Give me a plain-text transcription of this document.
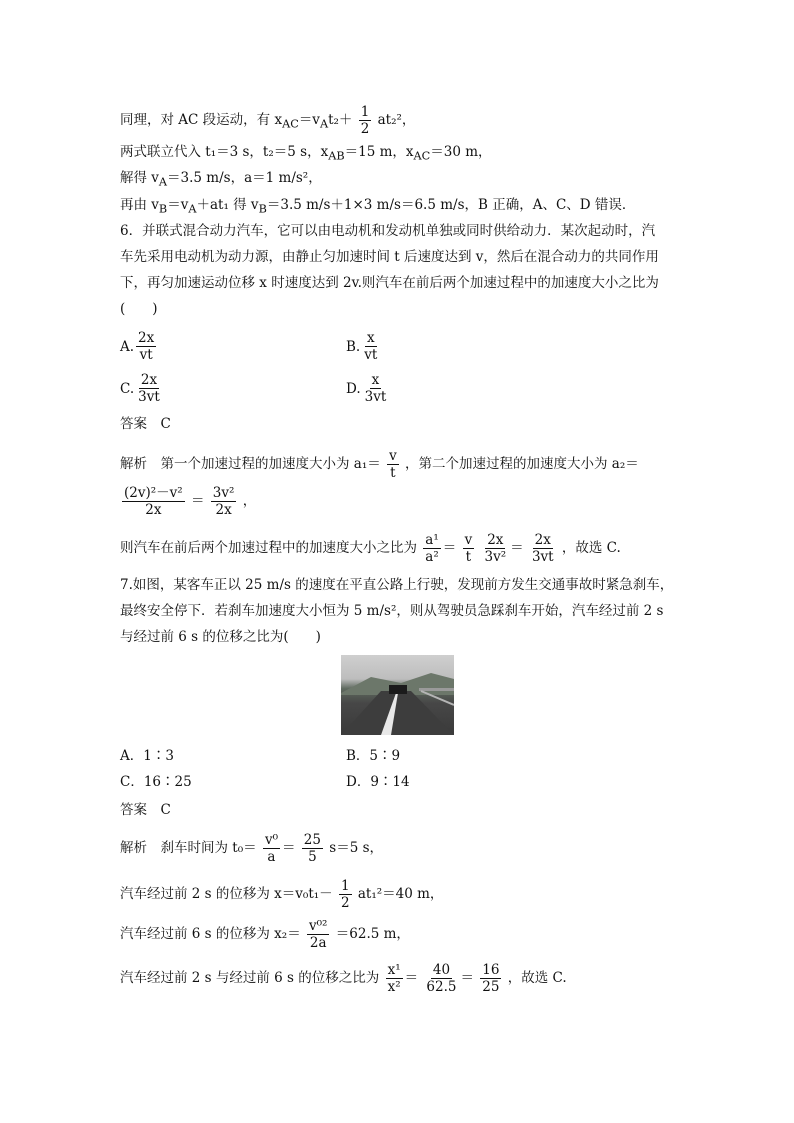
同理，对 AC 段运动，有 $x_{AC}=v_At_2+ \frac{1}{2} at_2^2$，
两式联立代入 t₁＝3 s，t₂＝5 s，$x_{AB}=15$ m，$x_{AC}=30$ m，
解得 $v_A=3.5$ m/s，a＝1 m/s²，
再由 $v_B=v_A+at_1$ 得 $v_B=3.5$ m/s＋1×3 m/s＝6.5 m/s，B 正确，A、C、D 错误．

6．并联式混合动力汽车，它可以由电动机和发动机单独或同时供给动力．某次起动时，汽

车先采用电动机为动力源，由静止匀加速时间 t 后速度达到 v，然后在混合动力的共同作用

下，再匀加速运动位移 x 时速度达到 2v.则汽车在前后两个加速过程中的加速度大小之比为

(　　)

A. $\frac{2x}{vt}$	B. $\frac{x}{vt}$
C. $\frac{2x}{3vt}$	D. $\frac{x}{3vt}$
答案　C
解析　第一个加速过程的加速度大小为 $a_1= \frac{v}{t}$ ，第二个加速过程的加速度大小为 a₂＝
$\frac{\text{(2v)²－v²}}{2x} = \frac{\text{3v²}}{2x}$ ，
则汽车在前后两个加速过程中的加速度大小之比为 $\frac{\text{a¹}}{\text{a²}} = \frac{v}{t}$
$\frac{2x}{\text{3v²}} = \frac{2x}{3vt}$ ，故选 C.

7.如图，某客车正以 25 m/s 的速度在平直公路上行驶，发现前方发生交通事故时紧急刹车，

最终安全停下．若刹车加速度大小恒为 5 m/s²，则从驾驶员急踩刹车开始，汽车经过前 2 s

与经过前 6 s 的位移之比为(　　)

A．1∶3	B．5∶9
C．16∶25	D．9∶14
答案　C
解析　刹车时间为 $t_0= \frac{\text{v⁰}}{a} = \frac{25}{5} s=5$ s，
汽车经过前 2 s 的位移为 $x=v_0t_1- \frac{1}{2} at_1^2=40$ m，
汽车经过前 6 s 的位移为 $x_2= \frac{\text{v⁰²}}{2a} =62.5$ m，
汽车经过前 2 s 与经过前 6 s 的位移之比为 $\frac{\text{x¹}}{\text{x²}} = \frac{40}{62.5} = \frac{16}{25}$ ，故选 C.
